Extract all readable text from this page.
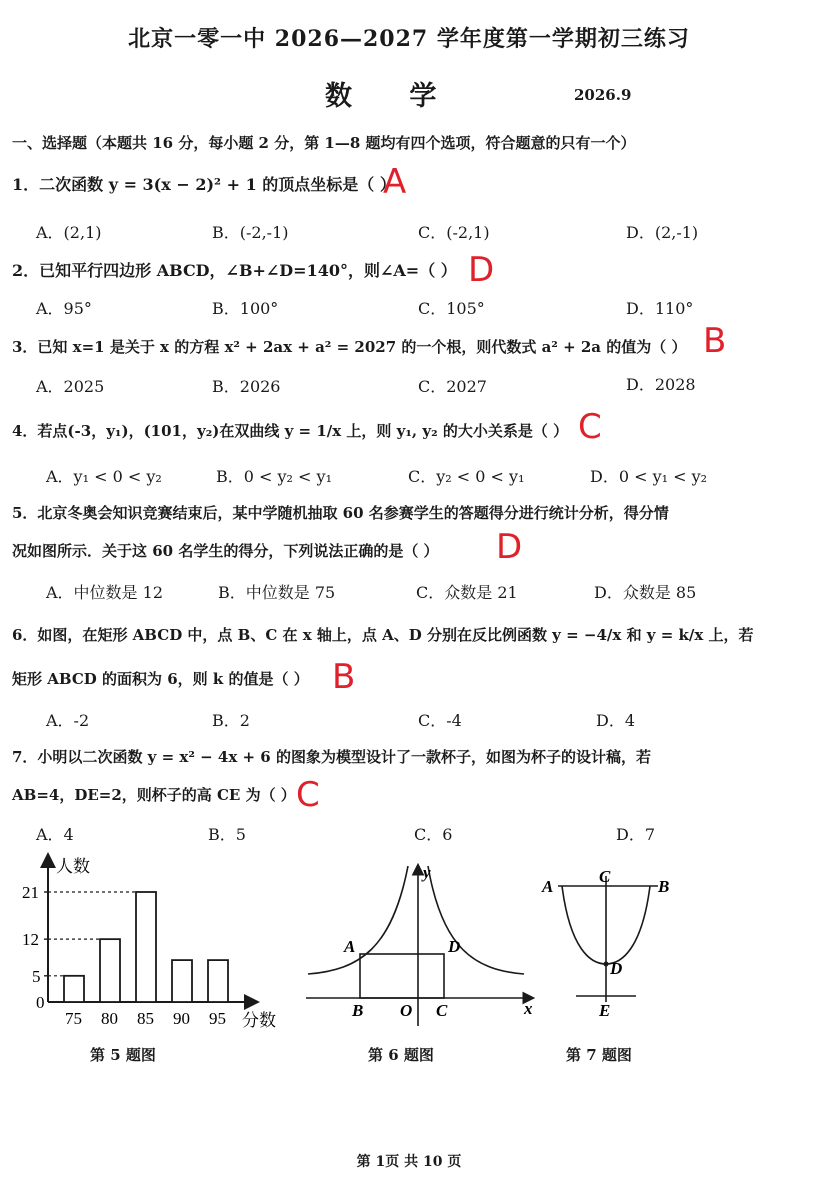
北京一零一中 2026—2027 学年度第一学期初三练习
数 学	2026.9
一、选择题（本题共 16 分，每小题 2 分，第 1—8 题均有四个选项，符合题意的只有一个）
1．二次函数 y = 3(x − 2)² + 1 的顶点坐标是（ ）
A
A．(2,1)	B．(-2,-1)	C．(-2,1)	D．(2,-1)
2．已知平行四边形 ABCD，∠B+∠D=140°，则∠A=（ ） D
A．95°	B．100°	C．105°	D．110°
3．已知 x=1 是关于 x 的方程 x² + 2ax + a² = 2027 的一个根，则代数式 a² + 2a 的值为（ ） B
A．2025	B．2026	C．2027	D．2028
4．若点(-3，y₁)，(101，y₂)在双曲线 y = 1/x 上，则 y₁, y₂ 的大小关系是（ ） C
A．y₁ < 0 < y₂	B．0 < y₂ < y₁	C．y₂ < 0 < y₁	D．0 < y₁ < y₂
5．北京冬奥会知识竞赛结束后，某中学随机抽取 60 名参赛学生的答题得分进行统计分析，得分情
况如图所示．关于这 60 名学生的得分，下列说法正确的是（ ） D
A．中位数是 12	B．中位数是 75	C．众数是 21	D．众数是 85
6．如图，在矩形 ABCD 中，点 B、C 在 x 轴上，点 A、D 分别在反比例函数 y = −4/x 和 y = k/x 上，若
矩形 ABCD 的面积为 6，则 k 的值是（ ） B
A．-2	B．2	C．-4	D．4
7．小明以二次函数 y = x² − 4x + 6 的图象为模型设计了一款杯子，如图为杯子的设计稿，若
AB=4，DE=2，则杯子的高 CE 为（ ） C
A．4	B．5	C．6	D．7
人数
分数
0
5
12
21
75 80 85 90 95
第 5 题图
y
x
A	D
B O C
第 6 题图
A
C
B
D
E
第 7 题图
第 1页 共 10 页
